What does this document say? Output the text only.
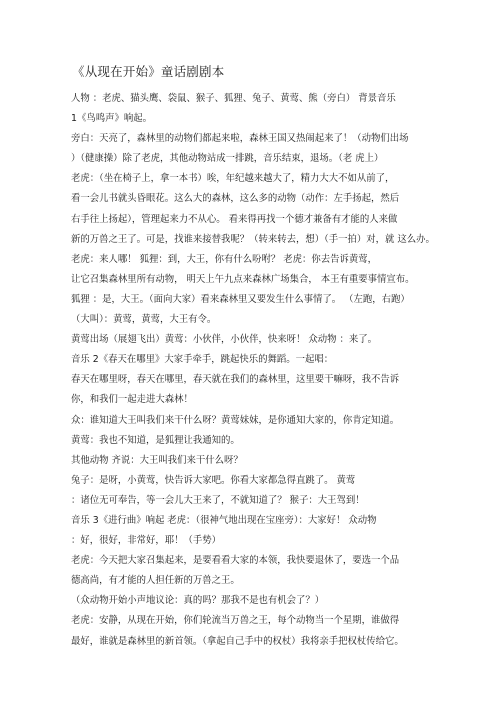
《从现在开始》童话剧剧本
人物 ：老虎、猫头鹰、袋鼠、猴子、狐狸、兔子、黄莺、熊（旁白） 背景音乐
1《鸟鸣声》响起。
旁白：天亮了，森林里的动物们都起来啦，森林王国又热闹起来了！（动物们出场
）（健康操）除了老虎，其他动物站成一排跳，音乐结束，退场。（老 虎上）
老虎：（坐在椅子上，拿一本书）唉，年纪越来越大了，精力大大不如从前了，
看一会儿书就头昏眼花。这么大的森林，这么多的动物（动作：左手扬起，然后
右手往上扬起），管理起来力不从心。 看来得再找一个德才兼备有才能的人来做
新的万兽之王了。可是，找谁来接替我呢？（转来转去，想）（手一拍）对，就 这么办。
老虎：来人哪！ 狐狸：到，大王，你有什么吩咐？ 老虎：你去告诉黄莺，
让它召集森林里所有动物， 明天上午九点来森林广场集合， 本王有重要事情宣布。
狐狸 ：是，大王。（面向大家）看来森林里又要发生什么事情了。 （左跑，右跑）
（大叫）：黄莺，黄莺，大王有令。
黄莺出场（展翅飞出）黄莺：小伙伴，小伙伴，快来呀！ 众动物 ：来了。
音乐 2《春天在哪里》大家手牵手，跳起快乐的舞蹈。一起唱：
春天在哪里呀，春天在哪里，春天就在我们的森林里，这里要干嘛呀，我不告诉
你，和我们一起走进大森林！
众：谁知道大王叫我们来干什么呀？黄莺妹妹，是你通知大家的，你肯定知道。
黄莺：我也不知道，是狐狸让我通知的。
其他动物 齐说：大王叫我们来干什么呀？
兔子：是呀，小黄莺，快告诉大家吧。你看大家都急得直跳了。 黄莺
：诸位无可奉告，等一会儿大王来了，不就知道了？ 猴子：大王驾到！
音乐 3《进行曲》响起 老虎：（很神气地出现在宝座旁）：大家好！ 众动物
：好，很好，非常好，耶！（手势）
老虎：今天把大家召集起来，是要看看大家的本领，我快要退休了，要选一个品
德高尚，有才能的人担任新的万兽之王。
（众动物开始小声地议论：真的吗？那我不是也有机会了？）
老虎：安静，从现在开始，你们轮流当万兽之王，每个动物当一个星期，谁做得
最好，谁就是森林里的新首领。（拿起自己手中的权杖）我将亲手把权杖传给它。
